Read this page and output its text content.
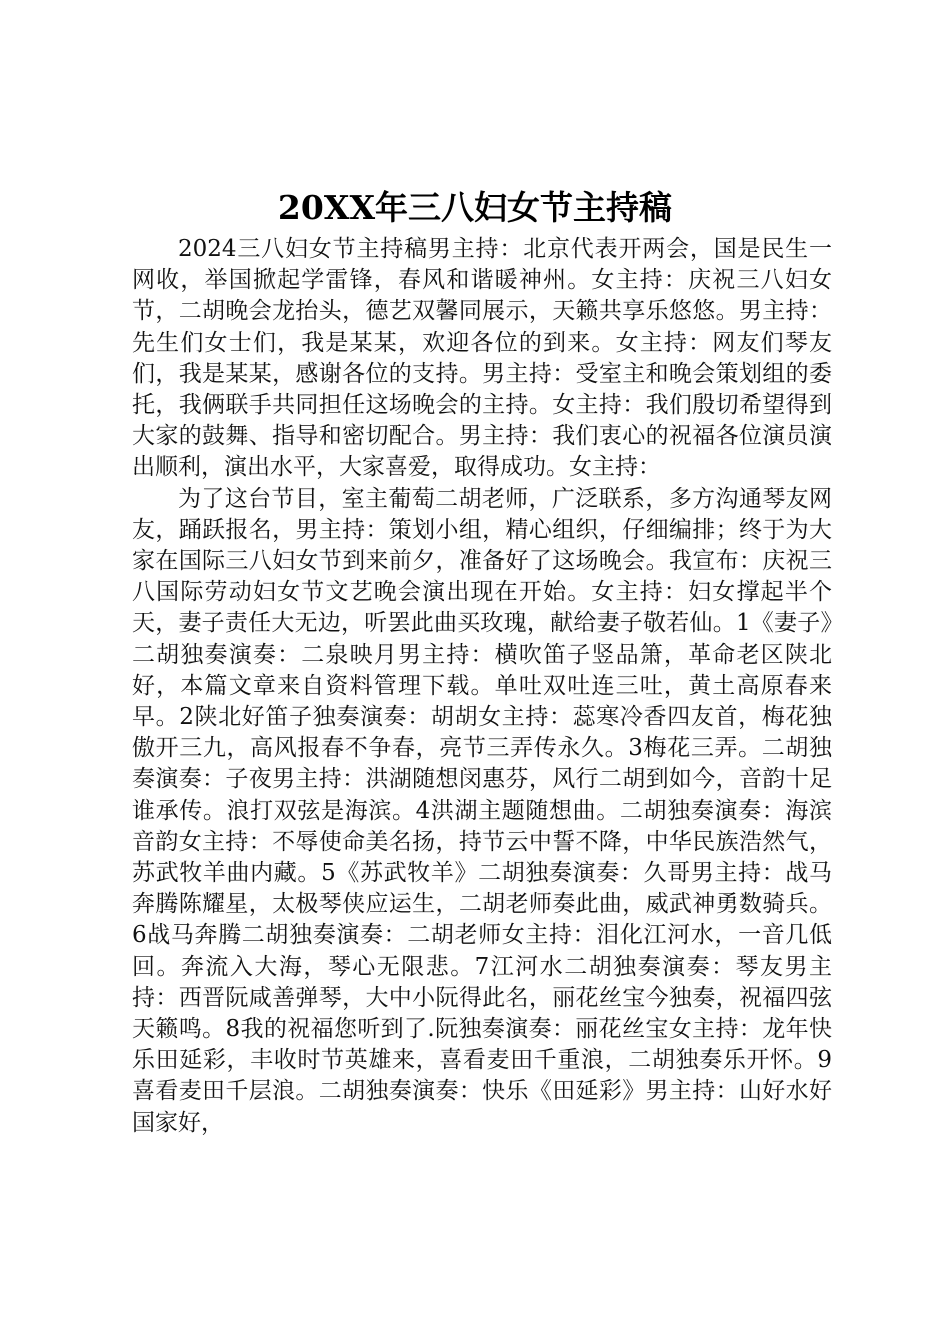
20XX年三八妇女节主持稿

2024三八妇女节主持稿男主持：北京代表开两会，国是民生一网收，举国掀起学雷锋，春风和谐暖神州。女主持：庆祝三八妇女节，二胡晚会龙抬头，德艺双馨同展示，天籁共享乐悠悠。男主持：先生们女士们，我是某某，欢迎各位的到来。女主持：网友们琴友们，我是某某，感谢各位的支持。男主持：受室主和晚会策划组的委托，我俩联手共同担任这场晚会的主持。女主持：我们殷切希望得到大家的鼓舞、指导和密切配合。男主持：我们衷心的祝福各位演员演出顺利，演出水平，大家喜爱，取得成功。女主持：

为了这台节目，室主葡萄二胡老师，广泛联系，多方沟通琴友网友，踊跃报名，男主持：策划小组，精心组织，仔细编排；终于为大家在国际三八妇女节到来前夕，准备好了这场晚会。我宣布：庆祝三八国际劳动妇女节文艺晚会演出现在开始。女主持：妇女撑起半个天，妻子责任大无边，听罢此曲买玫瑰，献给妻子敬若仙。1《妻子》二胡独奏演奏：二泉映月男主持：横吹笛子竖品箫，革命老区陕北好，本篇文章来自资料管理下载。单吐双吐连三吐，黄土高原春来早。2陕北好笛子独奏演奏：胡胡女主持：蕊寒冷香四友首，梅花独傲开三九，高风报春不争春，亮节三弄传永久。3梅花三弄。二胡独奏演奏：子夜男主持：洪湖随想闵惠芬，风行二胡到如今，音韵十足谁承传。浪打双弦是海滨。4洪湖主题随想曲。二胡独奏演奏：海滨音韵女主持：不辱使命美名扬，持节云中誓不降，中华民族浩然气，苏武牧羊曲内藏。5《苏武牧羊》二胡独奏演奏：久哥男主持：战马奔腾陈耀星，太极琴侠应运生，二胡老师奏此曲，威武神勇数骑兵。6战马奔腾二胡独奏演奏：二胡老师女主持：泪化江河水，一音几低回。奔流入大海，琴心无限悲。7江河水二胡独奏演奏：琴友男主持：西晋阮咸善弹琴，大中小阮得此名，丽花丝宝今独奏，祝福四弦天籁鸣。8我的祝福您听到了.阮独奏演奏：丽花丝宝女主持：龙年快乐田延彩，丰收时节英雄来，喜看麦田千重浪，二胡独奏乐开怀。9喜看麦田千层浪。二胡独奏演奏：快乐《田延彩》男主持：山好水好国家好，
